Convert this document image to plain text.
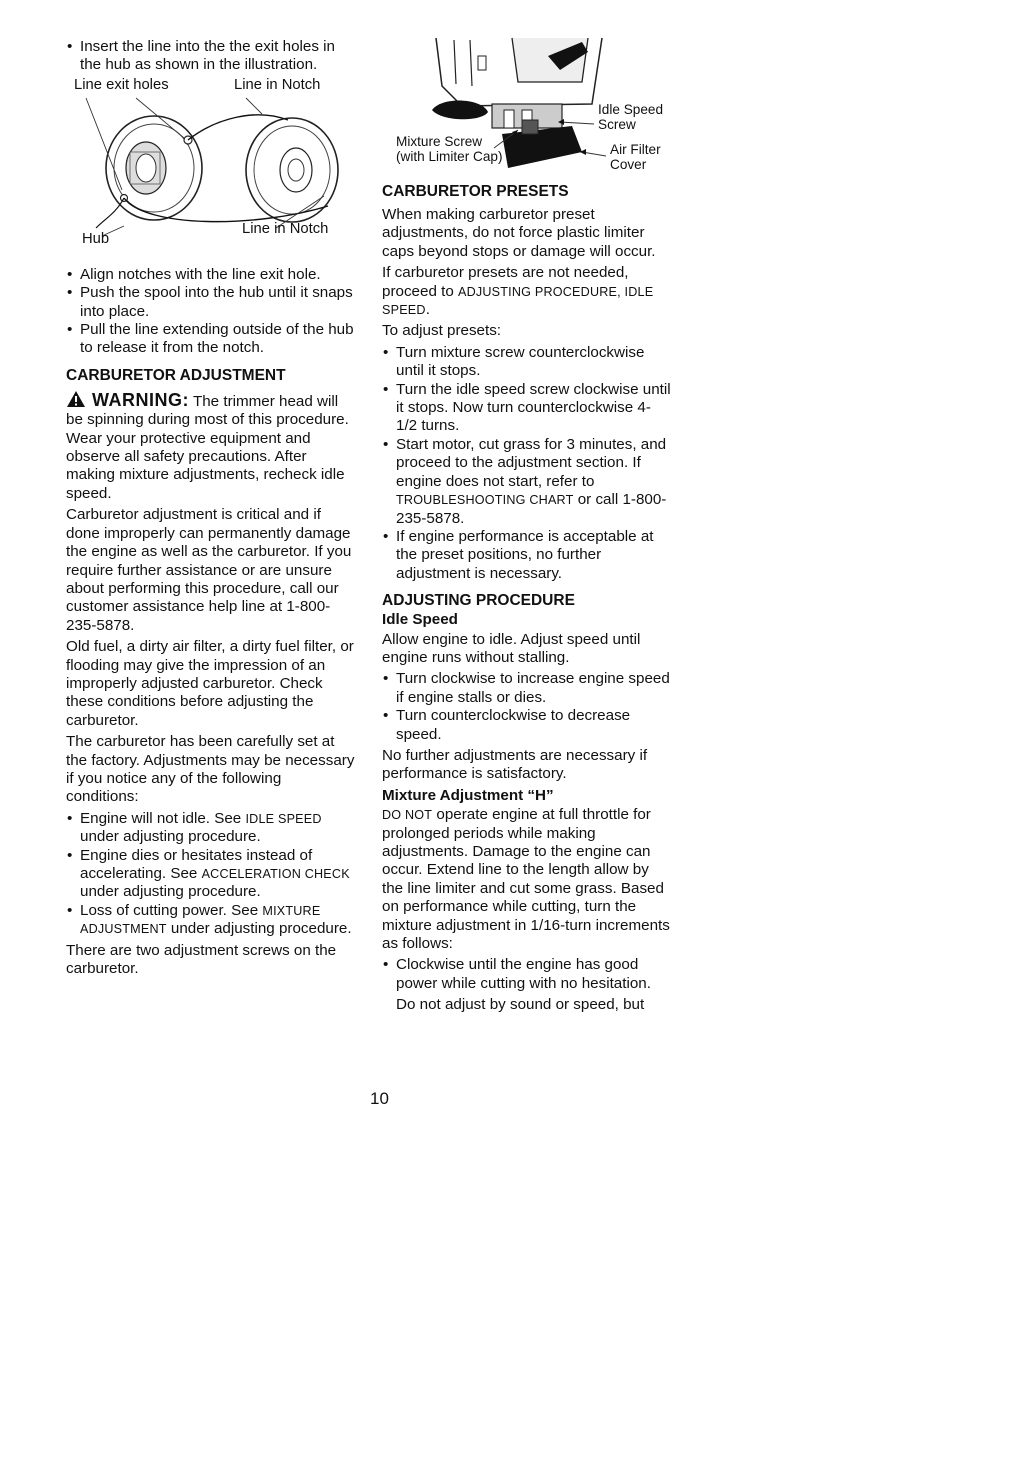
• Insert the line into the the exit holes in the hub as shown in the illustration.
Line exit holes	Line in Notch
Hub
Line in Notch
• Align notches with the line exit hole.
• Push the spool into the hub until it snaps into place.
• Pull the line extending outside of the hub to release it from the notch.
CARBURETOR ADJUSTMENT

WARNING: The trimmer head will be spinning during most of this procedure. Wear your protective equipment and observe all safety precautions. After making mixture adjustments, recheck idle speed.

Carburetor adjustment is critical and if done improperly can permanently damage the engine as well as the carburetor. If you require further assistance or are unsure about performing this procedure, call our customer assistance help line at 1-800-235-5878.

Old fuel, a dirty air filter, a dirty fuel filter, or flooding may give the impression of an improperly adjusted carburetor. Check these conditions before adjusting the carburetor.

The carburetor has been carefully set at the factory. Adjustments may be necessary if you notice any of the following conditions:

• Engine will not idle. See IDLE SPEED under adjusting procedure.
• Engine dies or hesitates instead of accelerating. See ACCELERATION CHECK under adjusting procedure.
• Loss of cutting power. See MIXTURE ADJUSTMENT under adjusting procedure.

There are two adjustment screws on the carburetor.

Idle Speed Screw
Mixture Screw (with Limiter Cap)	Air Filter Cover
CARBURETOR PRESETS

When making carburetor preset adjustments, do not force plastic limiter caps beyond stops or damage will occur.

If carburetor presets are not needed, proceed to ADJUSTING PROCEDURE, IDLE SPEED.

To adjust presets:

• Turn mixture screw counterclockwise until it stops.
• Turn the idle speed screw clockwise until it stops. Now turn counterclockwise 4-1/2 turns.
• Start motor, cut grass for 3 minutes, and proceed to the adjustment section. If engine does not start, refer to TROUBLESHOOTING CHART or call 1-800-235-5878.
• If engine performance is acceptable at the preset positions, no further adjustment is necessary.
ADJUSTING PROCEDURE
Idle Speed

Allow engine to idle. Adjust speed until engine runs without stalling.

• Turn clockwise to increase engine speed if engine stalls or dies.
• Turn counterclockwise to decrease speed.

No further adjustments are necessary if performance is satisfactory.

Mixture Adjustment “H”

DO NOT operate engine at full throttle for prolonged periods while making adjustments. Damage to the engine can occur. Extend line to the length allow by the line limiter and cut some grass. Based on performance while cutting, turn the mixture adjustment in 1/16-turn increments as follows:

• Clockwise until the engine has good power while cutting with no hesitation.

Do not adjust by sound or speed, but

10
